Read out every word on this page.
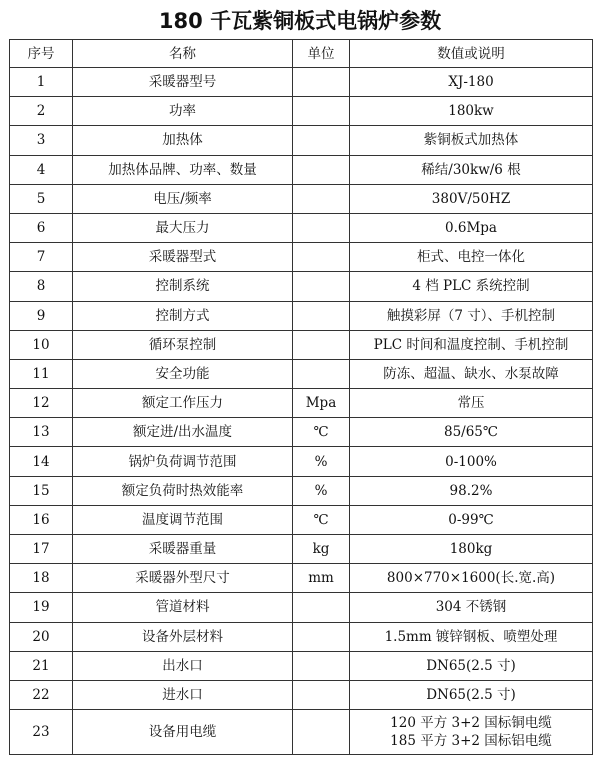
180 千瓦紫铜板式电锅炉参数
序号	名称	单位	数值或说明
1	采暖器型号		XJ-180
2	功率		180kw
3	加热体		紫铜板式加热体
4	加热体品牌、功率、数量		稀结/30kw/6 根
5	电压/频率		380V/50HZ
6	最大压力		0.6Mpa
7	采暖器型式		柜式、电控一体化
8	控制系统		4 档 PLC 系统控制
9	控制方式		触摸彩屏（7 寸）、手机控制
10	循环泵控制		PLC 时间和温度控制、手机控制
11	安全功能		防冻、超温、缺水、水泵故障
12	额定工作压力	Mpa	常压
13	额定进/出水温度	℃	85/65℃
14	锅炉负荷调节范围	%	0-100%
15	额定负荷时热效能率	%	98.2%
16	温度调节范围	℃	0-99℃
17	采暖器重量	kg	180kg
18	采暖器外型尺寸	mm	800×770×1600(长.宽.高)
19	管道材料		304 不锈钢
20	设备外层材料		1.5mm 镀锌钢板、喷塑处理
21	出水口		DN65(2.5 寸)
22	进水口		DN65(2.5 寸)
23	设备用电缆		120 平方 3+2 国标铜电缆
185 平方 3+2 国标铝电缆
